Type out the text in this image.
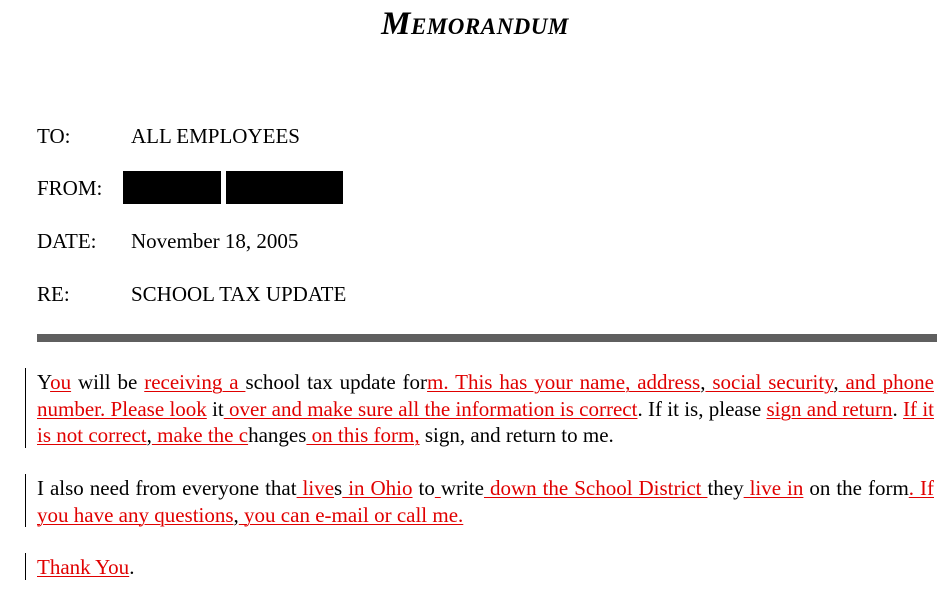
Memorandum
TO:	ALL EMPLOYEES
FROM:
DATE: November 18, 2005
RE:	SCHOOL TAX UPDATE
You will be receiving a school tax update form. This has your name, address, social security, and phone number. Please look it over and make sure all the information is correct. If it is, please sign and return. If it is not correct, make the changes on this form, sign, and return to me.
I also need from everyone that lives in Ohio to write down the School District they live in on the form. If you have any questions, you can e-mail or call me.
Thank You.
